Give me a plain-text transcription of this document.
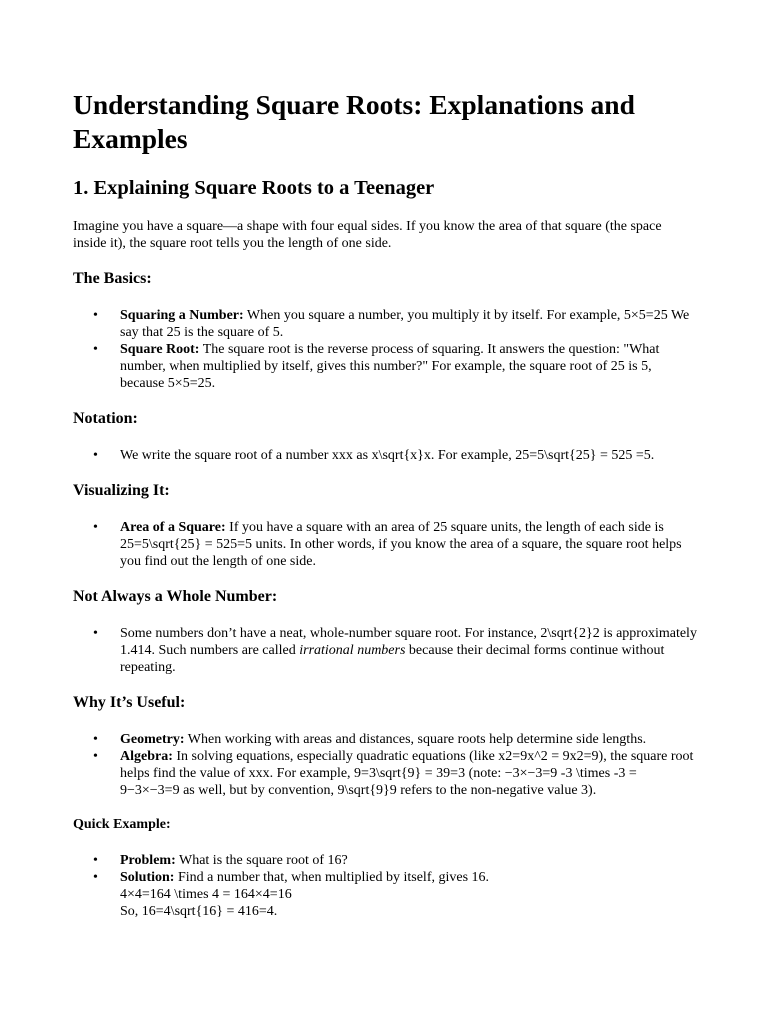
Understanding Square Roots: Explanations and Examples
1. Explaining Square Roots to a Teenager

Imagine you have a square—a shape with four equal sides. If you know the area of that square (the space inside it), the square root tells you the length of one side.

The Basics:
• Squaring a Number: When you square a number, you multiply it by itself. For example, 5×5=25 We say that 25 is the square of 5.
• Square Root: The square root is the reverse process of squaring. It answers the question: "What number, when multiplied by itself, gives this number?" For example, the square root of 25 is 5, because 5×5=25.
Notation:
• We write the square root of a number xxx as x\sqrt{x}x. For example, 25=5\sqrt{25} = 525 =5.
Visualizing It:
• Area of a Square: If you have a square with an area of 25 square units, the length of each side is 25=5\sqrt{25} = 525=5 units. In other words, if you know the area of a square, the square root helps you find out the length of one side.
Not Always a Whole Number:
• Some numbers don’t have a neat, whole-number square root. For instance, 2\sqrt{2}2 is approximately 1.414. Such numbers are called irrational numbers because their decimal forms continue without repeating.
Why It’s Useful:
• Geometry: When working with areas and distances, square roots help determine side lengths.
• Algebra: In solving equations, especially quadratic equations (like x2=9x^2 = 9x2=9), the square root helps find the value of xxx. For example, 9=3\sqrt{9} = 39=3 (note: −3×−3=9 -3 \times -3 = 9−3×−3=9 as well, but by convention, 9\sqrt{9}9 refers to the non-negative value 3).
Quick Example:
• Problem: What is the square root of 16?
• Solution: Find a number that, when multiplied by itself, gives 16.
4×4=164 \times 4 = 164×4=16
So, 16=4\sqrt{16} = 416=4.
